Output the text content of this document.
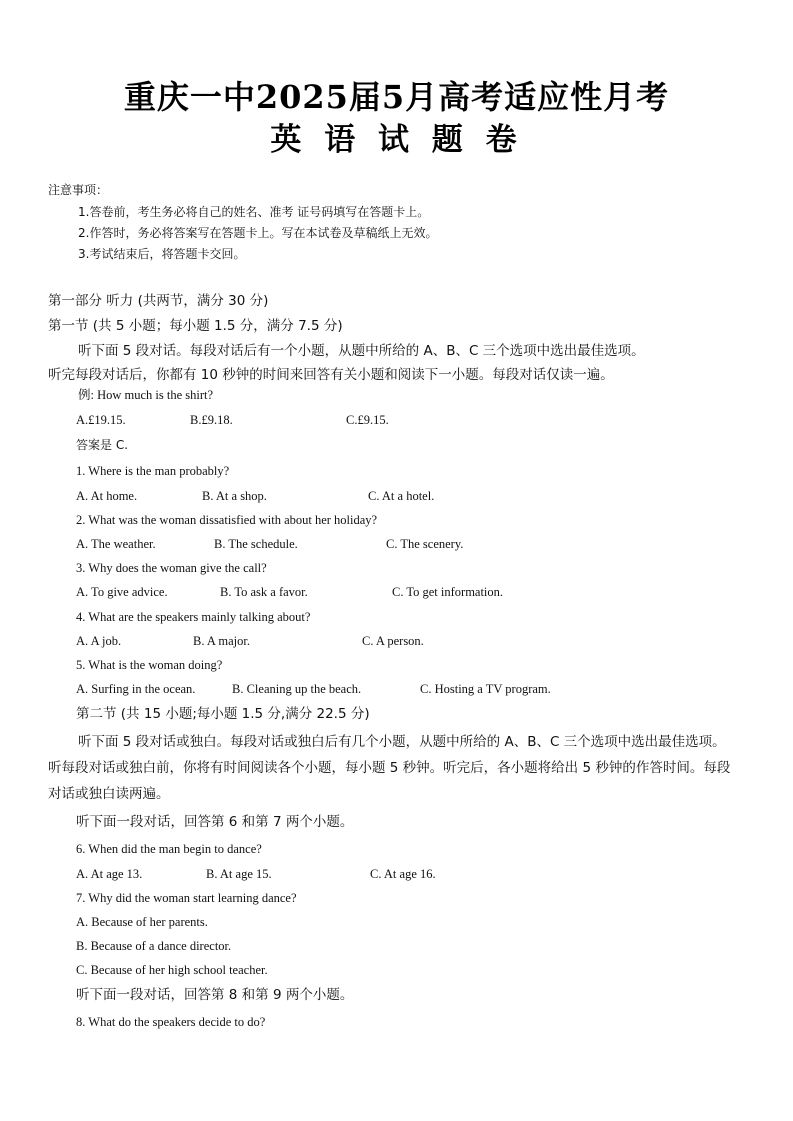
重庆一中2025届5月高考适应性月考
英 语 试 题 卷
注意事项：
1.答卷前，考生务必将自己的姓名、准考 证号码填写在答题卡上。
2.作答时，务必将答案写在答题卡上。写在本试卷及草稿纸上无效。
3.考试结束后，将答题卡交回。
第一部分 听力 (共两节，满分 30 分)
第一节 (共 5 小题；每小题 1.5 分，满分 7.5 分)
听下面 5 段对话。每段对话后有一个小题，从题中所给的 A、B、C 三个选项中选出最佳选项。
听完每段对话后，你都有 10 秒钟的时间来回答有关小题和阅读下一小题。每段对话仅读一遍。
例: How much is the shirt?
A.£19.15.	B.£9.18.	C.£9.15.
答案是 C.
1. Where is the man probably?
A. At home.	B. At a shop.	C. At a hotel.
2. What was the woman dissatisfied with about her holiday?
A. The weather.	B. The schedule.	C. The scenery.
3. Why does the woman give the call?
A. To give advice.	B. To ask a favor.	C. To get information.
4. What are the speakers mainly talking about?
A. A job.	B. A major.	C. A person.
5. What is the woman doing?
A. Surfing in the ocean.	B. Cleaning up the beach.	C. Hosting a TV program.
第二节 (共 15 小题;每小题 1.5 分,满分 22.5 分)
听下面 5 段对话或独白。每段对话或独白后有几个小题，从题中所给的 A、B、C 三个选项中选出最佳选项。
听每段对话或独白前，你将有时间阅读各个小题，每小题 5 秒钟。听完后，各小题将给出 5 秒钟的作答时间。每段
对话或独白读两遍。
听下面一段对话，回答第 6 和第 7 两个小题。
6. When did the man begin to dance?
A. At age 13.	B. At age 15.	C. At age 16.
7. Why did the woman start learning dance?
A. Because of her parents.
B. Because of a dance director.
C. Because of her high school teacher.
听下面一段对话，回答第 8 和第 9 两个小题。
8. What do the speakers decide to do?
